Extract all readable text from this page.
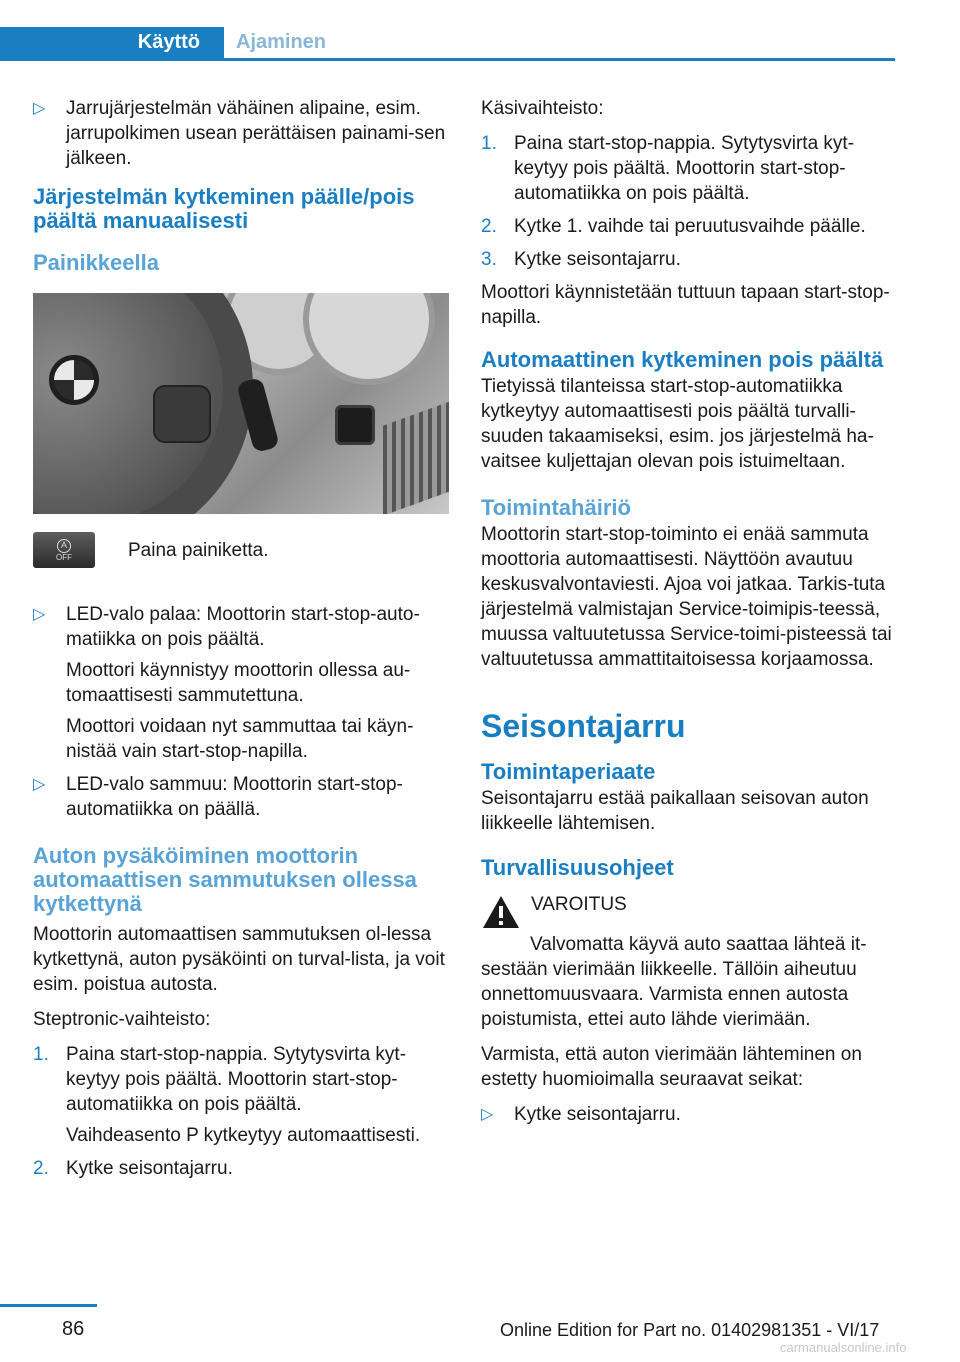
Käyttö	Ajaminen
▷	Jarrujärjestelmän vähäinen alipaine, esim. jarrupolkimen usean perättäisen painami-sen jälkeen.

Järjestelmän kytkeminen päälle/pois päältä manuaalisesti
Painikkeella
A
OFF	Paina painiketta.

▷	LED-valo palaa: Moottorin start-stop-auto-matiikka on pois päältä.

Moottori käynnistyy moottorin ollessa au-tomaattisesti sammutettuna.

Moottori voidaan nyt sammuttaa tai käyn-nistää vain start-stop-napilla.

▷	LED-valo sammuu: Moottorin start-stop-automatiikka on päällä.

Auton pysäköiminen moottorin automaattisen sammutuksen ollessa kytkettynä

Moottorin automaattisen sammutuksen ol-lessa kytkettynä, auton pysäköinti on turval-lista, ja voit esim. poistua autosta.

Steptronic-vaihteisto:

1. Paina start-stop-nappia. Sytytysvirta kyt-keytyy pois päältä. Moottorin start-stop-automatiikka on pois päältä.

Vaihdeasento P kytkeytyy automaattisesti.

2. Kytke seisontajarru.

Käsivaihteisto:

1. Paina start-stop-nappia. Sytytysvirta kyt-keytyy pois päältä. Moottorin start-stop-automatiikka on pois päältä.

2. Kytke 1. vaihde tai peruutusvaihde päälle.

3. Kytke seisontajarru.

Moottori käynnistetään tuttuun tapaan start-stop-napilla.

Automaattinen kytkeminen pois päältä

Tietyissä tilanteissa start-stop-automatiikka kytkeytyy automaattisesti pois päältä turvalli-suuden takaamiseksi, esim. jos järjestelmä ha-vaitsee kuljettajan olevan pois istuimeltaan.

Toimintahäiriö

Moottorin start-stop-toiminto ei enää sammuta moottoria automaattisesti. Näyttöön avautuu keskusvalvontaviesti. Ajoa voi jatkaa. Tarkis-tuta järjestelmä valmistajan Service-toimipis-teessä, muussa valtuutetussa Service-toimi-pisteessä tai valtuutetussa ammattitaitoisessa korjaamossa.

Seisontajarru
Toimintaperiaate

Seisontajarru estää paikallaan seisovan auton liikkeelle lähtemisen.

Turvallisuusohjeet

VAROITUS

Valvomatta käyvä auto saattaa lähteä it-sestään vierimään liikkeelle. Tällöin aiheutuu onnettomuusvaara. Varmista ennen autosta poistumista, ettei auto lähde vierimään.

Varmista, että auton vierimään lähteminen on estetty huomioimalla seuraavat seikat:

▷	Kytke seisontajarru.

86	Online Edition for Part no. 01402981351 - VI/17
carmanualsonline.info
